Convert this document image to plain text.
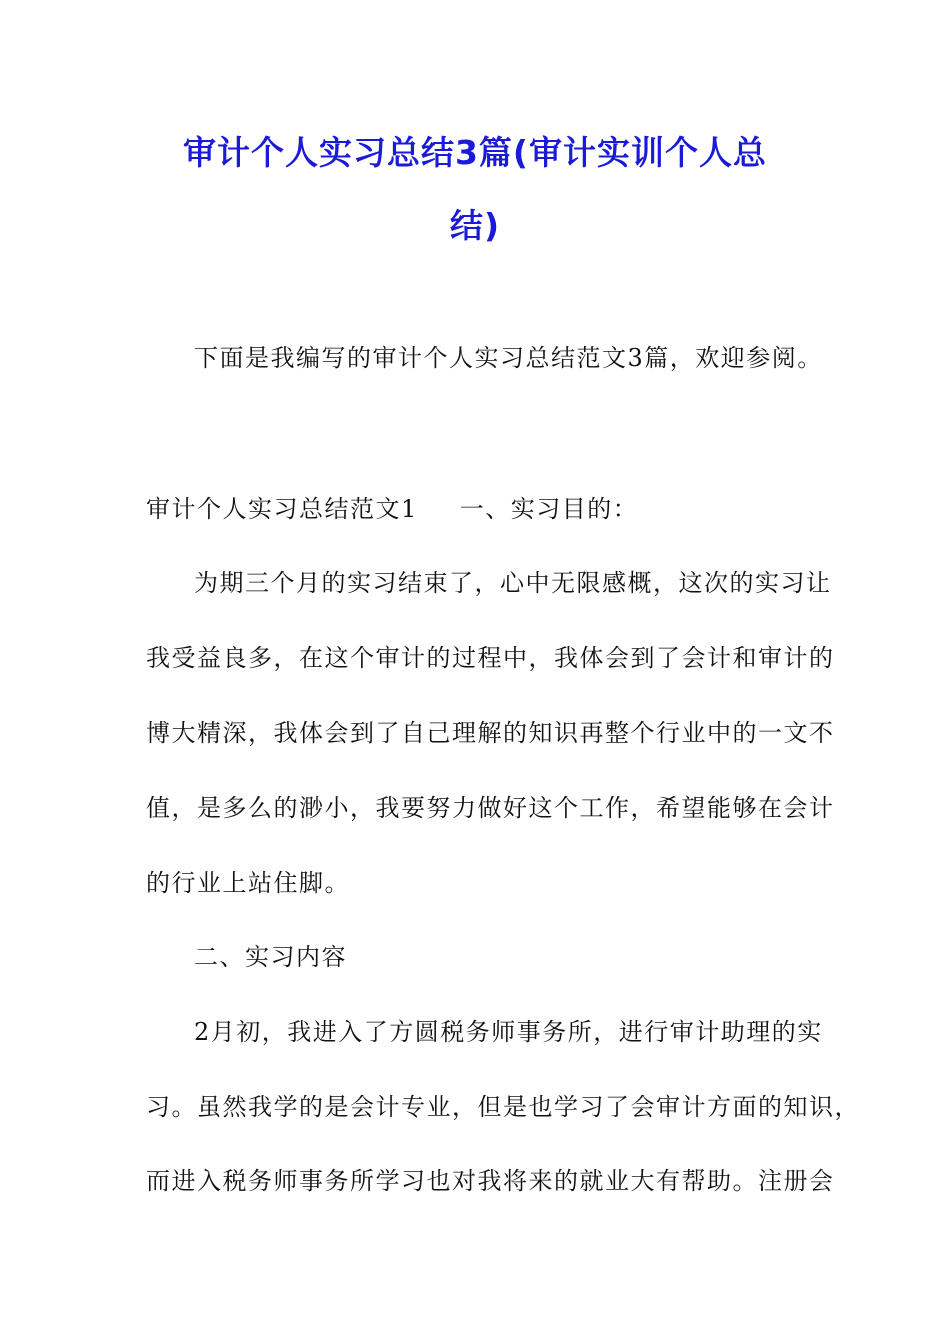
审计个人实习总结3篇(审计实训个人总
结)

下面是我编写的审计个人实习总结范文3篇，欢迎参阅。

审计个人实习总结范文1 一、实习目的：

为期三个月的实习结束了，心中无限感概，这次的实习让

我受益良多，在这个审计的过程中，我体会到了会计和审计的

博大精深，我体会到了自己理解的知识再整个行业中的一文不

值，是多么的渺小，我要努力做好这个工作，希望能够在会计

的行业上站住脚。

二、实习内容

2月初，我进入了方圆税务师事务所，进行审计助理的实

习。虽然我学的是会计专业，但是也学习了会审计方面的知识，

而进入税务师事务所学习也对我将来的就业大有帮助。注册会
